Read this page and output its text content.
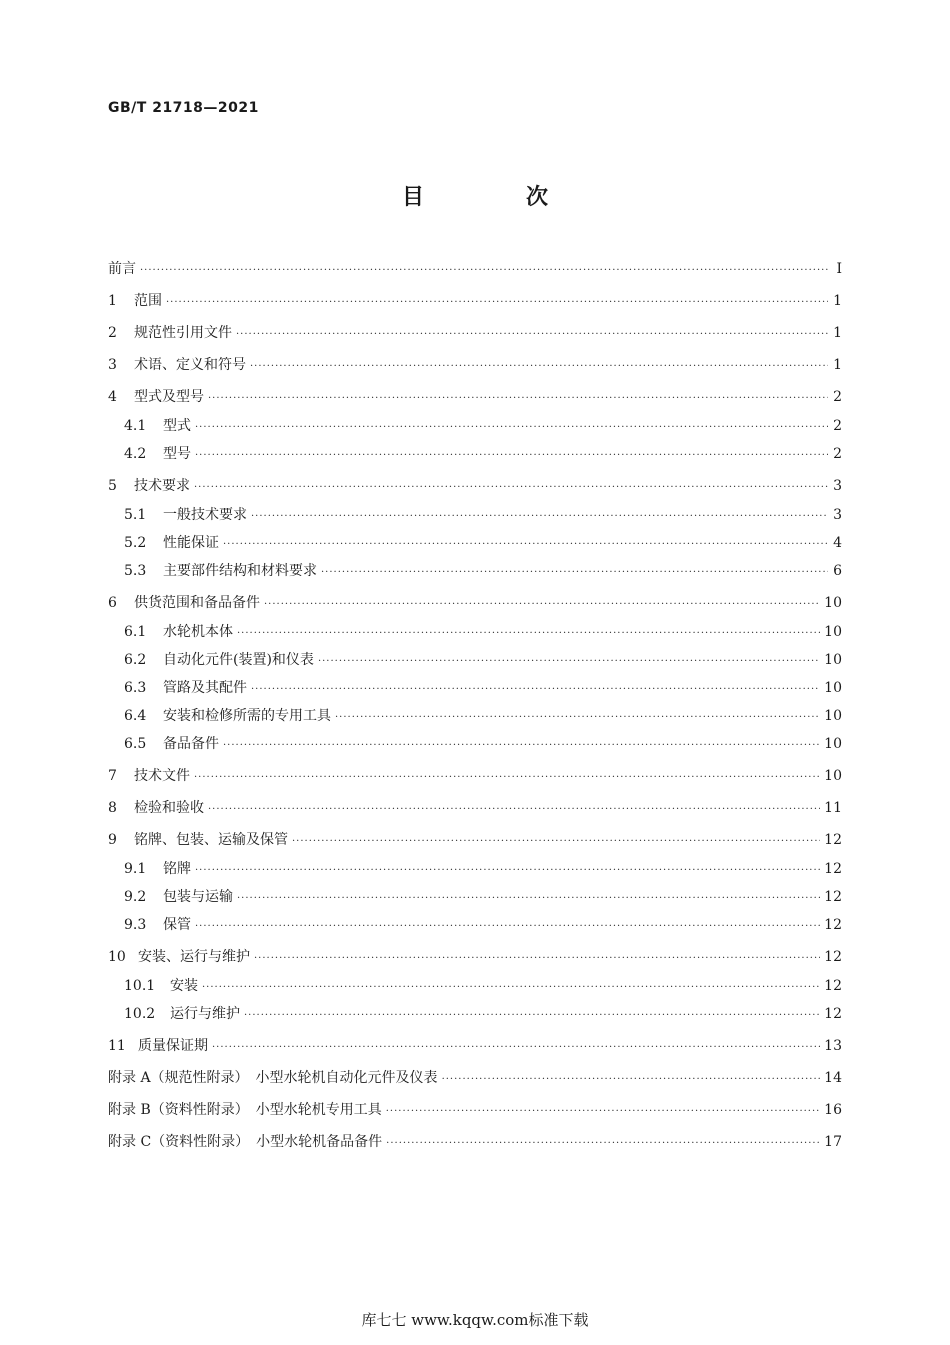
GB/T 21718—2021
目　次
前言 ·····	Ⅰ
1 范围 ·····	1
2 规范性引用文件 ·····	1
3 术语、定义和符号 ·····	1
4 型式及型号 ·····	2
4.1 型式 ·····	2
4.2 型号 ·····	2
5 技术要求 ·····	3
5.1 一般技术要求 ·····	3
5.2 性能保证 ·····	4
5.3 主要部件结构和材料要求 ·····	6
6 供货范围和备品备件 ·····	10
6.1 水轮机本体 ·····	10
6.2 自动化元件(装置)和仪表 ·····	10
6.3 管路及其配件 ·····	10
6.4 安装和检修所需的专用工具 ·····	10
6.5 备品备件 ·····	10
7 技术文件 ·····	10
8 检验和验收 ·····	11
9 铭牌、包装、运输及保管 ·····	12
9.1 铭牌 ·····	12
9.2 包装与运输 ·····	12
9.3 保管 ·····	12
10 安装、运行与维护 ·····	12
10.1 安装 ·····	12
10.2 运行与维护 ·····	12
11 质量保证期 ·····	13
附录 A（规范性附录）　小型水轮机自动化元件及仪表 ·····	14
附录 B（资料性附录）　小型水轮机专用工具 ·····	16
附录 C（资料性附录）　小型水轮机备品备件 ·····	17
库七七 www.kqqw.com标准下载
